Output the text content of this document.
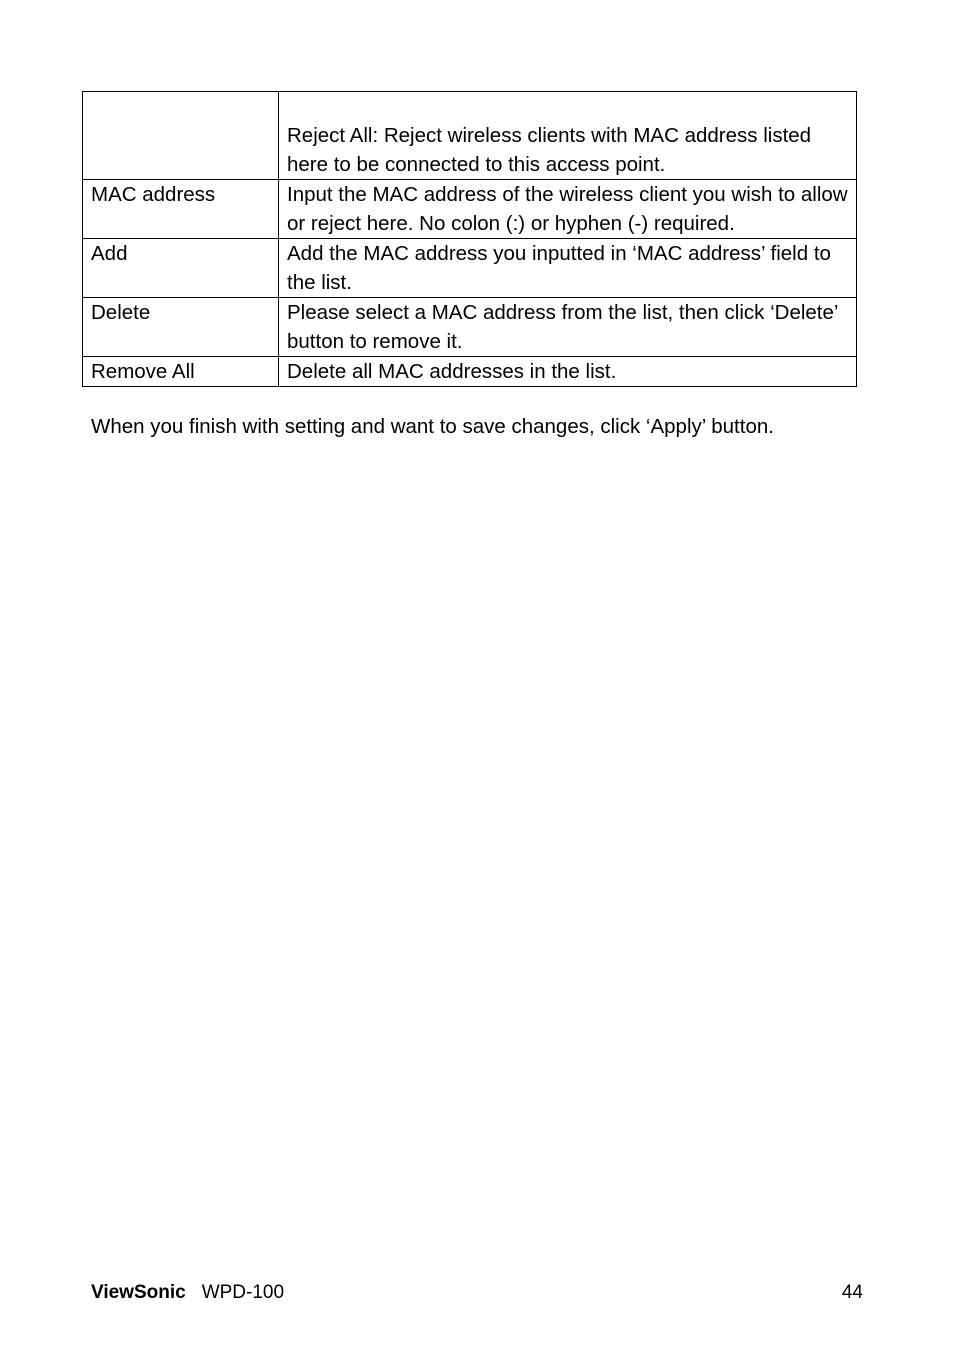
	Reject All: Reject wireless clients with MAC address listed here to be connected to this access point.
MAC address	Input the MAC address of the wireless client you wish to allow or reject here. No colon (:) or hyphen (-) required.
Add	Add the MAC address you inputted in ‘MAC address’ field to the list.
Delete	Please select a MAC address from the list, then click ‘Delete’ button to remove it.
Remove All	Delete all MAC addresses in the list.

When you finish with setting and want to save changes, click ‘Apply’ button.

ViewSonic WPD-100	44
